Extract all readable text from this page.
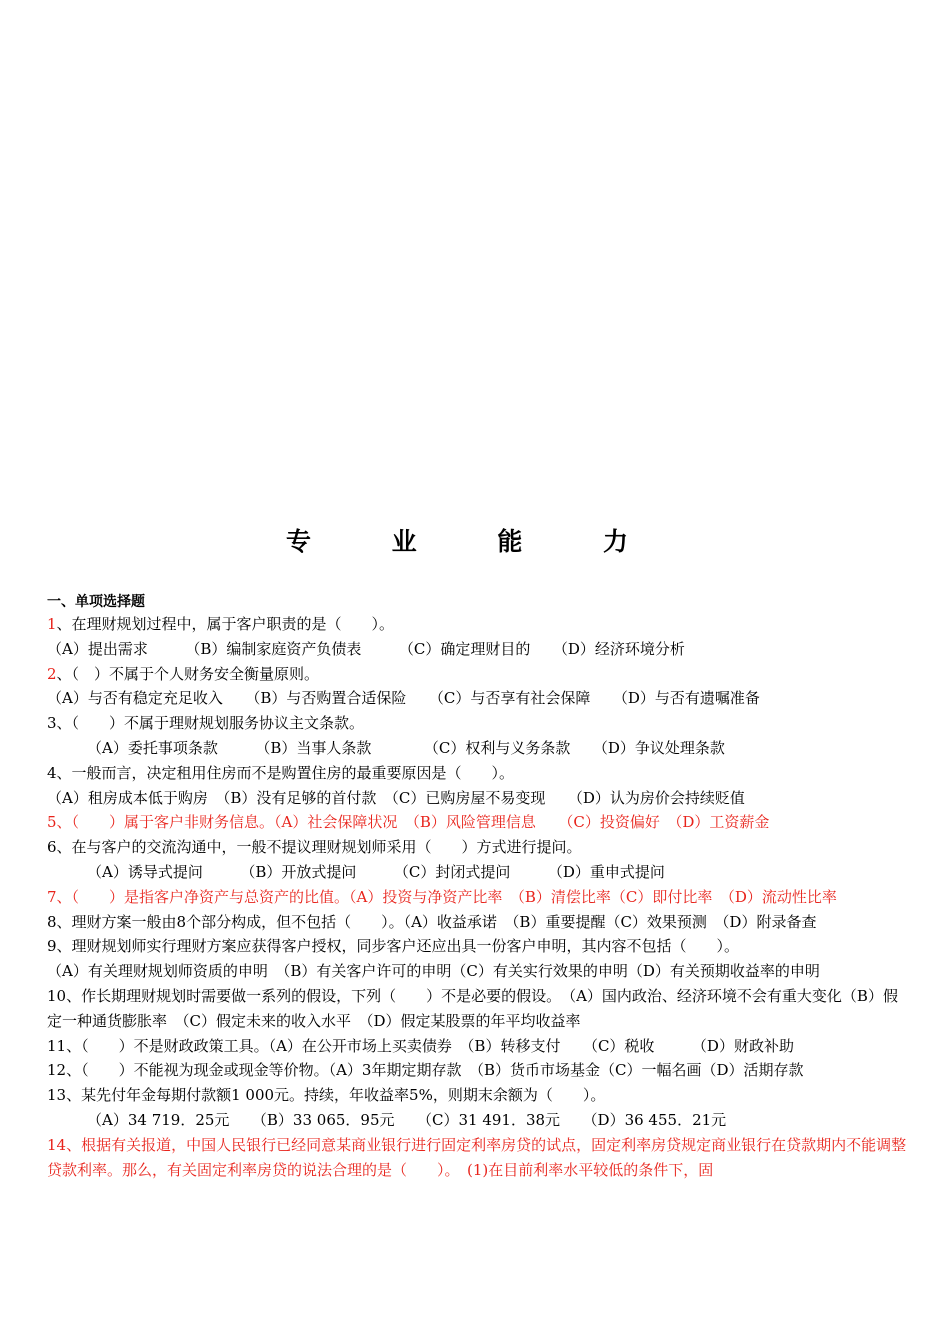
专 业 能 力
一、单项选择题

1、在理财规划过程中，属于客户职责的是（　　）。

（A）提出需求　　　（B）编制家庭资产负债表　　　（C）确定理财目的　　（D）经济环境分析

2、（　）不属于个人财务安全衡量原则。

（A）与否有稳定充足收入　　（B）与否购置合适保险　　（C）与否享有社会保障　　（D）与否有遗嘱准备

3、（　　）不属于理财规划服务协议主文条款。

（A）委托事项条款　　　（B）当事人条款　　　　（C）权利与义务条款　　（D）争议处理条款

4、一般而言，决定租用住房而不是购置住房的最重要原因是（　　）。

（A）租房成本低于购房　（B）没有足够的首付款　（C）已购房屋不易变现　　（D）认为房价会持续贬值

5、（　　）属于客户非财务信息。（A）社会保障状况　（B）风险管理信息　　（C）投资偏好　（D）工资薪金

6、在与客户的交流沟通中，一般不提议理财规划师采用（　　）方式进行提问。

（A）诱导式提问　　　（B）开放式提问　　　（C）封闭式提问　　　（D）重申式提问

7、（　　）是指客户净资产与总资产的比值。（A）投资与净资产比率　（B）清偿比率（C）即付比率　（D）流动性比率

8、理财方案一般由8个部分构成，但不包括（　　）。（A）收益承诺　（B）重要提醒（C）效果预测　（D）附录备查

9、理财规划师实行理财方案应获得客户授权，同步客户还应出具一份客户申明，其内容不包括（　　）。

（A）有关理财规划师资质的申明　（B）有关客户许可的申明（C）有关实行效果的申明（D）有关预期收益率的申明

10、作长期理财规划时需要做一系列的假设，下列（　　）不是必要的假设。　（A）国内政治、经济环境不会有重大变化（B）假定一种通货膨胀率　（C）假定未来的收入水平　（D）假定某股票的年平均收益率

11、（　　）不是财政政策工具。（A）在公开市场上买卖债券　（B）转移支付　　（C）税收　　　（D）财政补助

12、（　　）不能视为现金或现金等价物。（A）3年期定期存款　（B）货币市场基金（C）一幅名画（D）活期存款

13、某先付年金每期付款额1 000元。持续，年收益率5%，则期末余额为（　　）。

（A）34 719．25元　　（B）33 065．95元　　（C）31 491．38元　　（D）36 455．21元

14、根据有关报道，中国人民银行已经同意某商业银行进行固定利率房贷的试点，固定利率房贷规定商业银行在贷款期内不能调整贷款利率。那么，有关固定利率房贷的说法合理的是（　　）。　(1)在目前利率水平较低的条件下，固
